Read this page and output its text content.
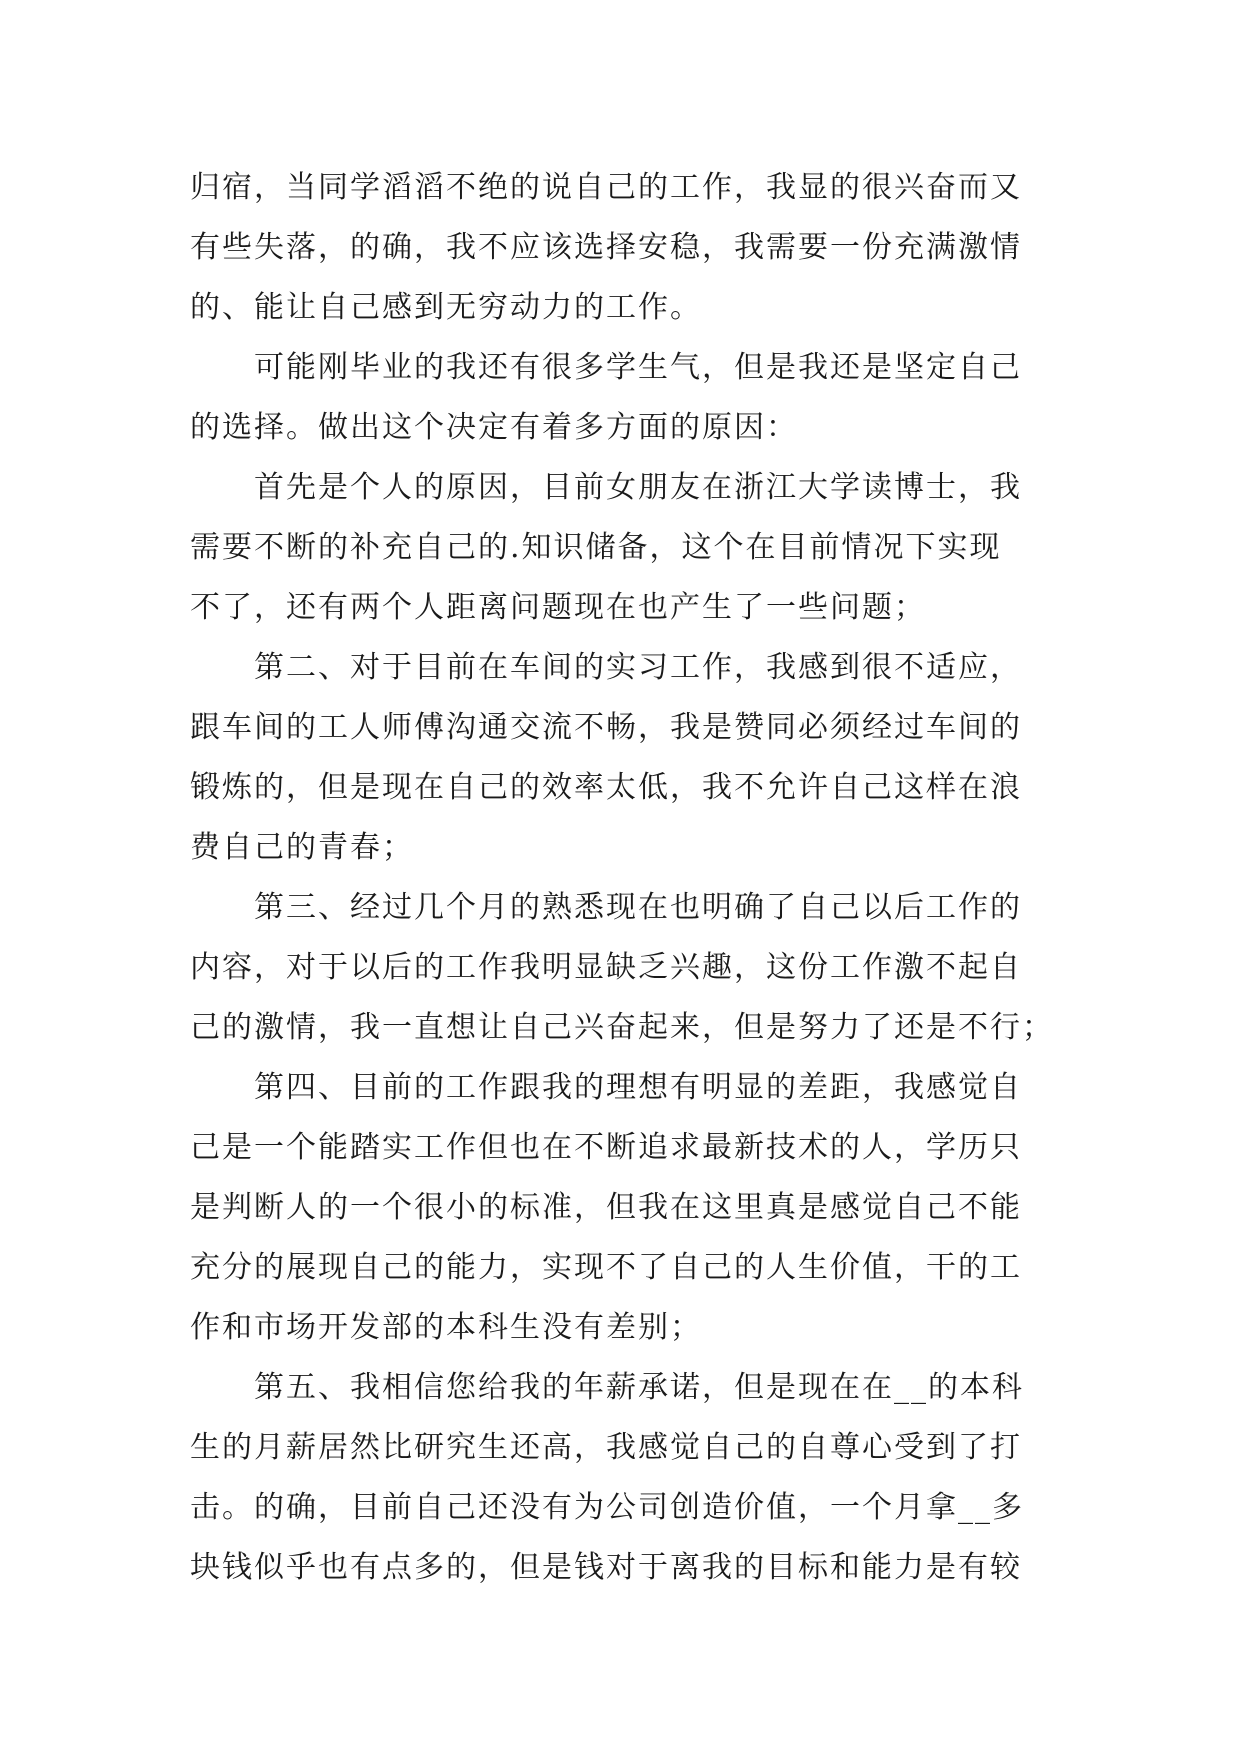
归宿，当同学滔滔不绝的说自己的工作，我显的很兴奋而又

有些失落，的确，我不应该选择安稳，我需要一份充满激情

的、能让自己感到无穷动力的工作。

　　可能刚毕业的我还有很多学生气，但是我还是坚定自己

的选择。做出这个决定有着多方面的原因：

　　首先是个人的原因，目前女朋友在浙江大学读博士，我

需要不断的补充自己的.知识储备，这个在目前情况下实现

不了，还有两个人距离问题现在也产生了一些问题；

　　第二、对于目前在车间的实习工作，我感到很不适应，

跟车间的工人师傅沟通交流不畅，我是赞同必须经过车间的

锻炼的，但是现在自己的效率太低，我不允许自己这样在浪

费自己的青春；

　　第三、经过几个月的熟悉现在也明确了自己以后工作的

内容，对于以后的工作我明显缺乏兴趣，这份工作激不起自

己的激情，我一直想让自己兴奋起来，但是努力了还是不行；

　　第四、目前的工作跟我的理想有明显的差距，我感觉自

己是一个能踏实工作但也在不断追求最新技术的人，学历只

是判断人的一个很小的标准，但我在这里真是感觉自己不能

充分的展现自己的能力，实现不了自己的人生价值，干的工

作和市场开发部的本科生没有差别；

　　第五、我相信您给我的年薪承诺，但是现在在__的本科

生的月薪居然比研究生还高，我感觉自己的自尊心受到了打

击。的确，目前自己还没有为公司创造价值，一个月拿__多

块钱似乎也有点多的，但是钱对于离我的目标和能力是有较
